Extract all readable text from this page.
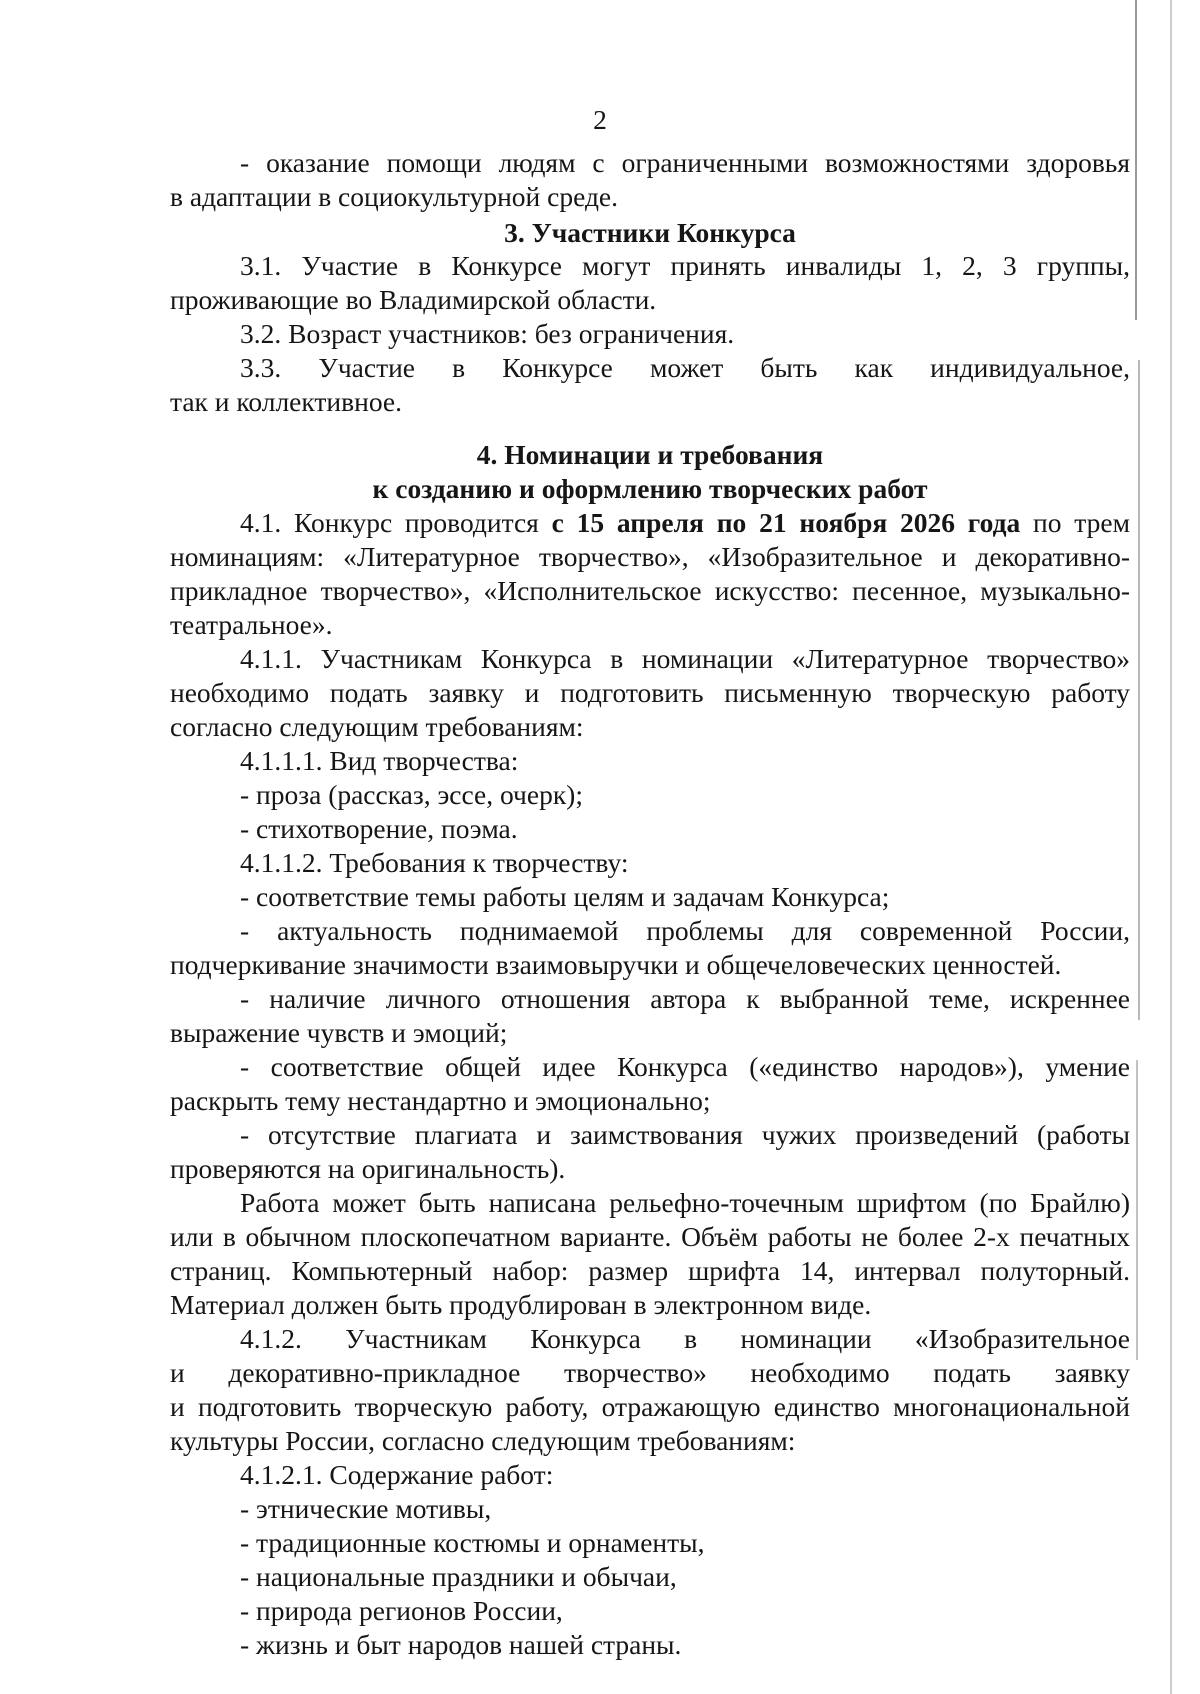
2
- оказание помощи людям с ограниченными возможностями здоровья
в адаптации в социокультурной среде.
3. Участники Конкурса
3.1. Участие в Конкурсе могут принять инвалиды 1, 2, 3 группы,
проживающие во Владимирской области.
3.2. Возраст участников: без ограничения.
3.3. Участие в Конкурсе может быть как индивидуальное,
так и коллективное.
4. Номинации и требования
к созданию и оформлению творческих работ
4.1. Конкурс проводится с 15 апреля по 21 ноября 2026 года по трем
номинациям: «Литературное творчество», «Изобразительное и декоративно-
прикладное творчество», «Исполнительское искусство: песенное, музыкально-
театральное».
4.1.1. Участникам Конкурса в номинации «Литературное творчество»
необходимо подать заявку и подготовить письменную творческую работу
согласно следующим требованиям:
4.1.1.1. Вид творчества:
- проза (рассказ, эссе, очерк);
- стихотворение, поэма.
4.1.1.2. Требования к творчеству:
- соответствие темы работы целям и задачам Конкурса;
- актуальность поднимаемой проблемы для современной России,
подчеркивание значимости взаимовыручки и общечеловеческих ценностей.
- наличие личного отношения автора к выбранной теме, искреннее
выражение чувств и эмоций;
- соответствие общей идее Конкурса («единство народов»), умение
раскрыть тему нестандартно и эмоционально;
- отсутствие плагиата и заимствования чужих произведений (работы
проверяются на оригинальность).
Работа может быть написана рельефно-точечным шрифтом (по Брайлю)
или в обычном плоскопечатном варианте. Объём работы не более 2-х печатных
страниц. Компьютерный набор: размер шрифта 14, интервал полуторный.
Материал должен быть продублирован в электронном виде.
4.1.2. Участникам Конкурса в номинации «Изобразительное
и декоративно-прикладное творчество» необходимо подать заявку
и подготовить творческую работу, отражающую единство многонациональной
культуры России, согласно следующим требованиям:
4.1.2.1. Содержание работ:
- этнические мотивы,
- традиционные костюмы и орнаменты,
- национальные праздники и обычаи,
- природа регионов России,
- жизнь и быт народов нашей страны.
